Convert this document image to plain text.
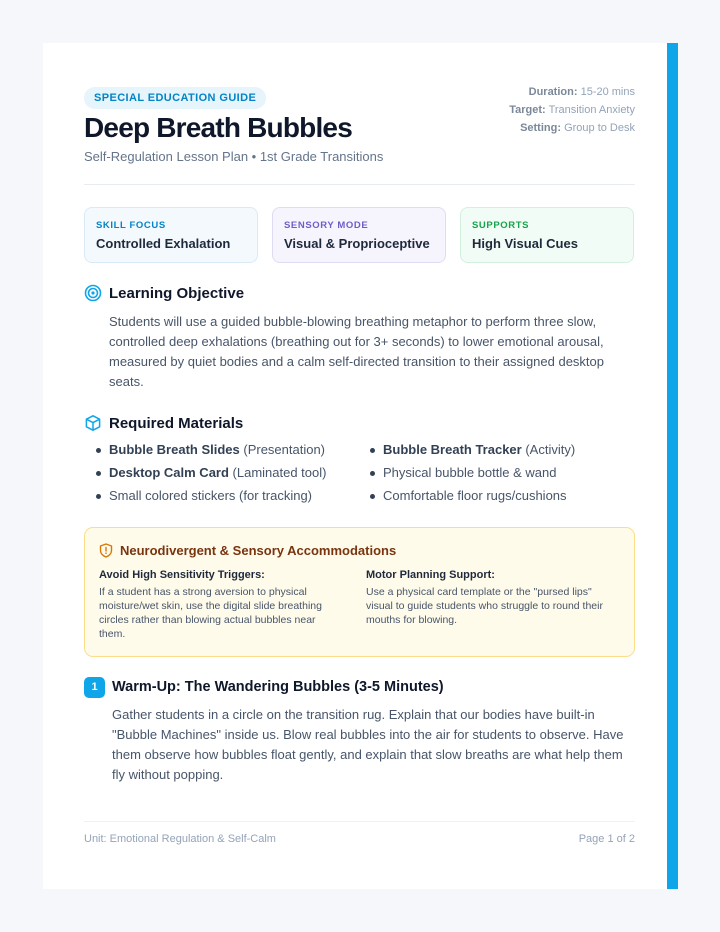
SPECIAL EDUCATION GUIDE
Deep Breath Bubbles
Self-Regulation Lesson Plan • 1st Grade Transitions
Duration: 15-20 mins
Target: Transition Anxiety
Setting: Group to Desk
SKILL FOCUS
Controlled Exhalation
SENSORY MODE
Visual & Proprioceptive
SUPPORTS
High Visual Cues
Learning Objective
Students will use a guided bubble-blowing breathing metaphor to perform three slow, controlled deep exhalations (breathing out for 3+ seconds) to lower emotional arousal, measured by quiet bodies and a calm self-directed transition to their assigned desktop seats.
Required Materials
Bubble Breath Slides (Presentation)
Desktop Calm Card (Laminated tool)
Small colored stickers (for tracking)
Bubble Breath Tracker (Activity)
Physical bubble bottle & wand
Comfortable floor rugs/cushions
Neurodivergent & Sensory Accommodations
Avoid High Sensitivity Triggers:
If a student has a strong aversion to physical moisture/wet skin, use the digital slide breathing circles rather than blowing actual bubbles near them.
Motor Planning Support:
Use a physical card template or the "pursed lips" visual to guide students who struggle to round their mouths for blowing.
1 Warm-Up: The Wandering Bubbles (3-5 Minutes)
Gather students in a circle on the transition rug. Explain that our bodies have built-in "Bubble Machines" inside us. Blow real bubbles into the air for students to observe. Have them observe how bubbles float gently, and explain that slow breaths are what help them fly without popping.
Unit: Emotional Regulation & Self-Calm	Page 1 of 2
